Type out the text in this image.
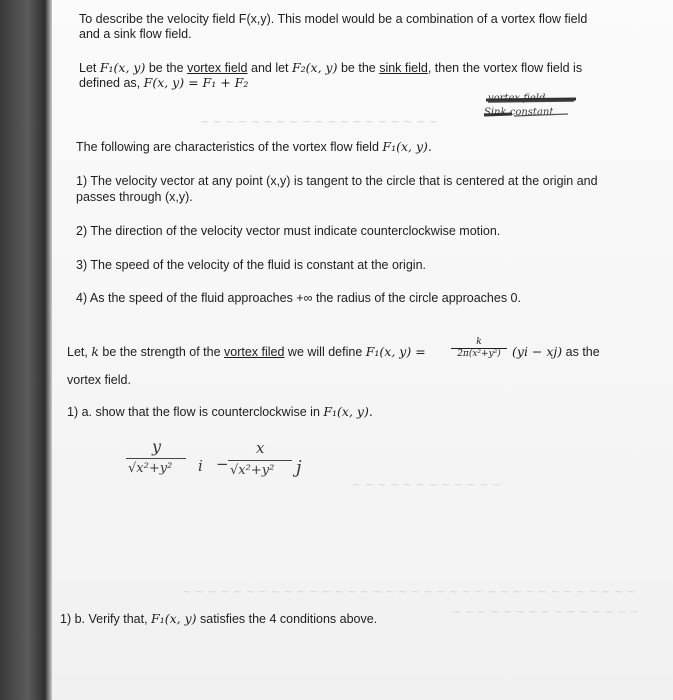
To describe the velocity field F(x,y). This model would be a combination of a vortex flow field
and a sink flow field.
Let F₁(x, y) be the vortex field and let F₂(x, y) be the sink field, then the vortex flow field is
defined as, F(x, y) = F₁ + F₂
vortex field
Sink constant
~ ~ ~ ~ ~ ~ ~ ~ ~ ~ ~ ~ ~ ~ ~ ~ ~ ~ ~
The following are characteristics of the vortex flow field F₁(x, y).
1) The velocity vector at any point (x,y) is tangent to the circle that is centered at the origin and
passes through (x,y).
2) The direction of the velocity vector must indicate counterclockwise motion.
3) The speed of the velocity of the fluid is constant at the origin.
4) As the speed of the fluid approaches +∞ the radius of the circle approaches 0.
Let, k be the strength of the vortex filed we will define F₁(x, y) =
k
2π(x²+y²) (yi − xj) as the
vortex field.
1) a. show that the flow is counterclockwise in F₁(x, y).
y
√x²+y² i −
x
√x²+y² j
~ ~ ~ ~ ~ ~ ~ ~ ~ ~ ~ ~
~ ~ ~ ~ ~ ~ ~ ~ ~ ~ ~ ~ ~ ~ ~ ~ ~ ~ ~ ~ ~ ~ ~ ~ ~ ~ ~ ~ ~ ~ ~ ~ ~ ~ ~ ~
~ ~ ~ ~ ~ ~ ~ ~ ~ ~ ~ ~ ~ ~ ~
1) b. Verify that, F₁(x, y) satisfies the 4 conditions above.
